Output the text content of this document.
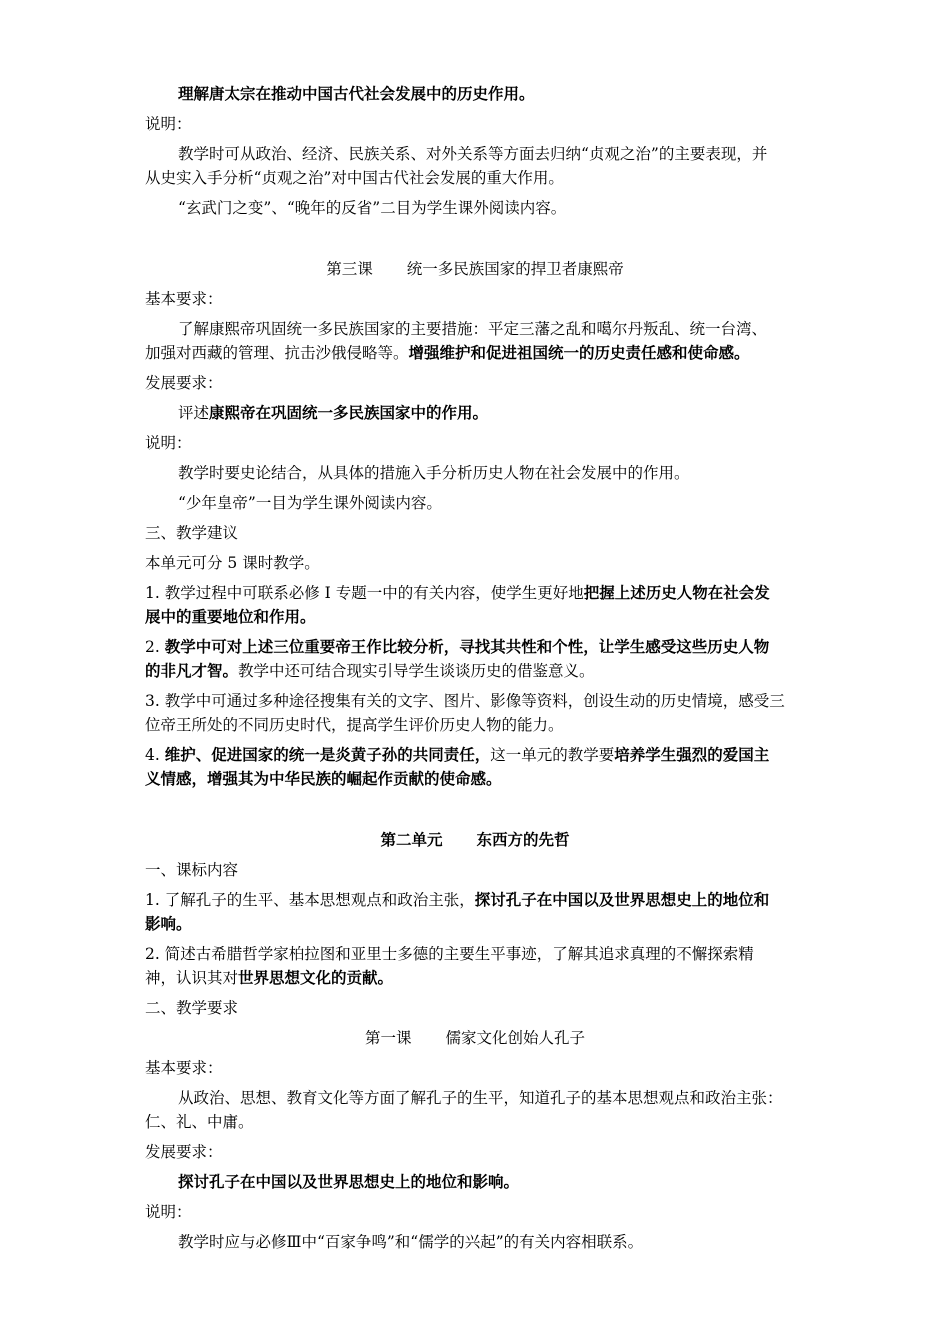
理解唐太宗在推动中国古代社会发展中的历史作用。
说明：
教学时可从政治、经济、民族关系、对外关系等方面去归纳“贞观之治”的主要表现，并
从史实入手分析“贞观之治”对中国古代社会发展的重大作用。
“玄武门之变”、“晚年的反省”二目为学生课外阅读内容。
第三课 统一多民族国家的捍卫者康熙帝
基本要求：
了解康熙帝巩固统一多民族国家的主要措施：平定三藩之乱和噶尔丹叛乱、统一台湾、
加强对西藏的管理、抗击沙俄侵略等。增强维护和促进祖国统一的历史责任感和使命感。
发展要求：
评述康熙帝在巩固统一多民族国家中的作用。
说明：
教学时要史论结合，从具体的措施入手分析历史人物在社会发展中的作用。
“少年皇帝”一目为学生课外阅读内容。
三、教学建议
本单元可分 5 课时教学。
1. 教学过程中可联系必修 I 专题一中的有关内容，使学生更好地把握上述历史人物在社会发
展中的重要地位和作用。
2. 教学中可对上述三位重要帝王作比较分析，寻找其共性和个性，让学生感受这些历史人物
的非凡才智。教学中还可结合现实引导学生谈谈历史的借鉴意义。
3. 教学中可通过多种途径搜集有关的文字、图片、影像等资料，创设生动的历史情境，感受三
位帝王所处的不同历史时代，提高学生评价历史人物的能力。
4. 维护、促进国家的统一是炎黄子孙的共同责任，这一单元的教学要培养学生强烈的爱国主
义情感，增强其为中华民族的崛起作贡献的使命感。
第二单元 东西方的先哲
一、课标内容
1. 了解孔子的生平、基本思想观点和政治主张，探讨孔子在中国以及世界思想史上的地位和
影响。
2. 简述古希腊哲学家柏拉图和亚里士多德的主要生平事迹，了解其追求真理的不懈探索精
神，认识其对世界思想文化的贡献。
二、教学要求
第一课 儒家文化创始人孔子
基本要求：
从政治、思想、教育文化等方面了解孔子的生平，知道孔子的基本思想观点和政治主张：
仁、礼、中庸。
发展要求：
探讨孔子在中国以及世界思想史上的地位和影响。
说明：
教学时应与必修Ⅲ中“百家争鸣”和“儒学的兴起”的有关内容相联系。
